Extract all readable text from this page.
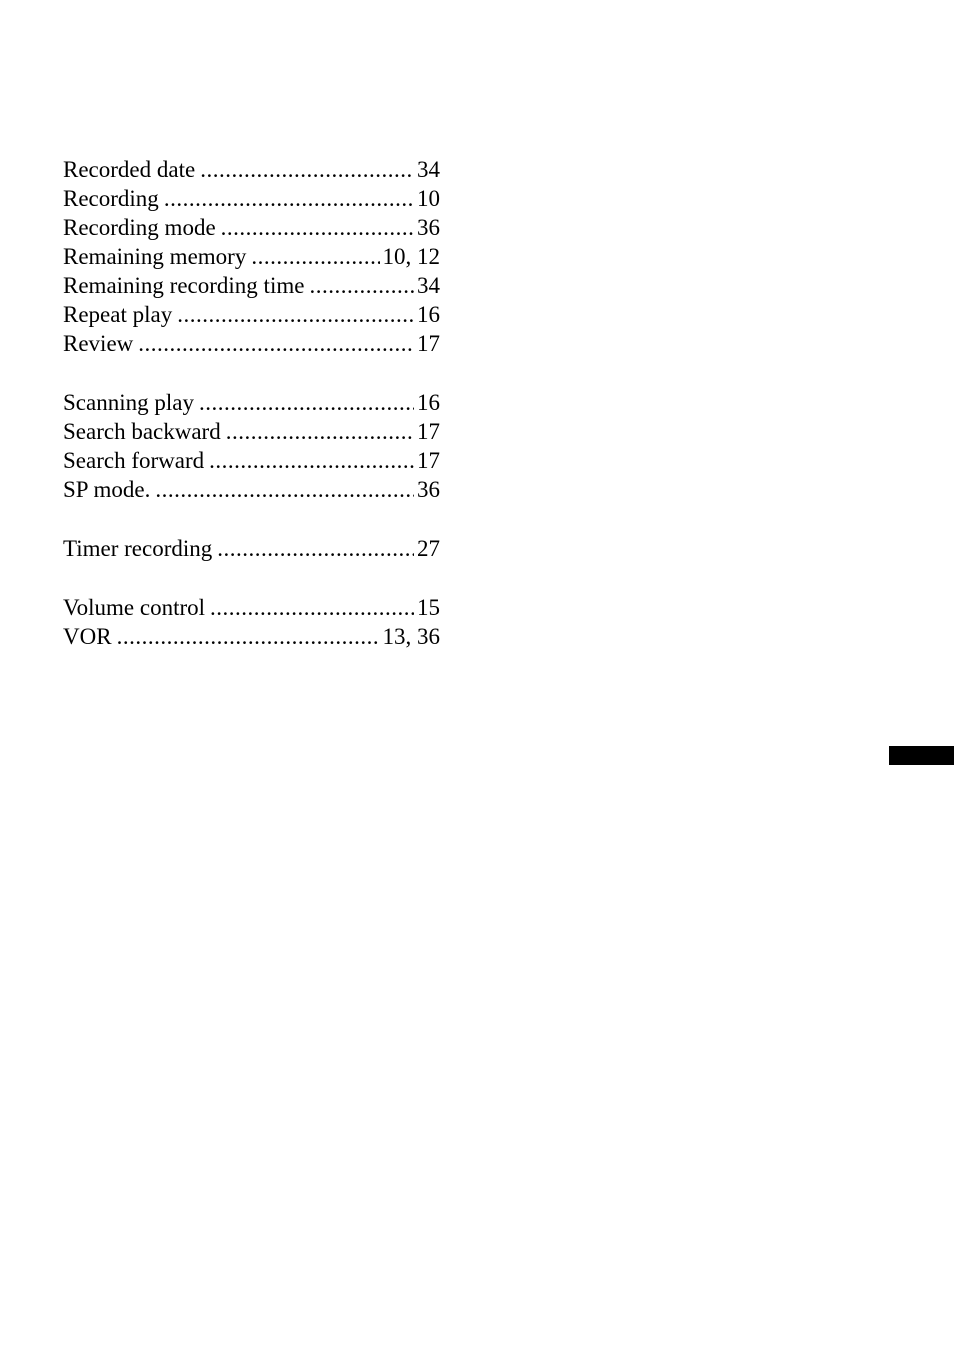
Recorded date .....	34
Recording .....	10
Recording mode .....	36
Remaining memory .....	10, 12
Remaining recording time .....	34
Repeat play .....	16
Review .....	17
Scanning play .....	16
Search backward .....	17
Search forward .....	17
SP mode. .....	36
Timer recording .....	27
Volume control .....	15
VOR .....	13, 36
